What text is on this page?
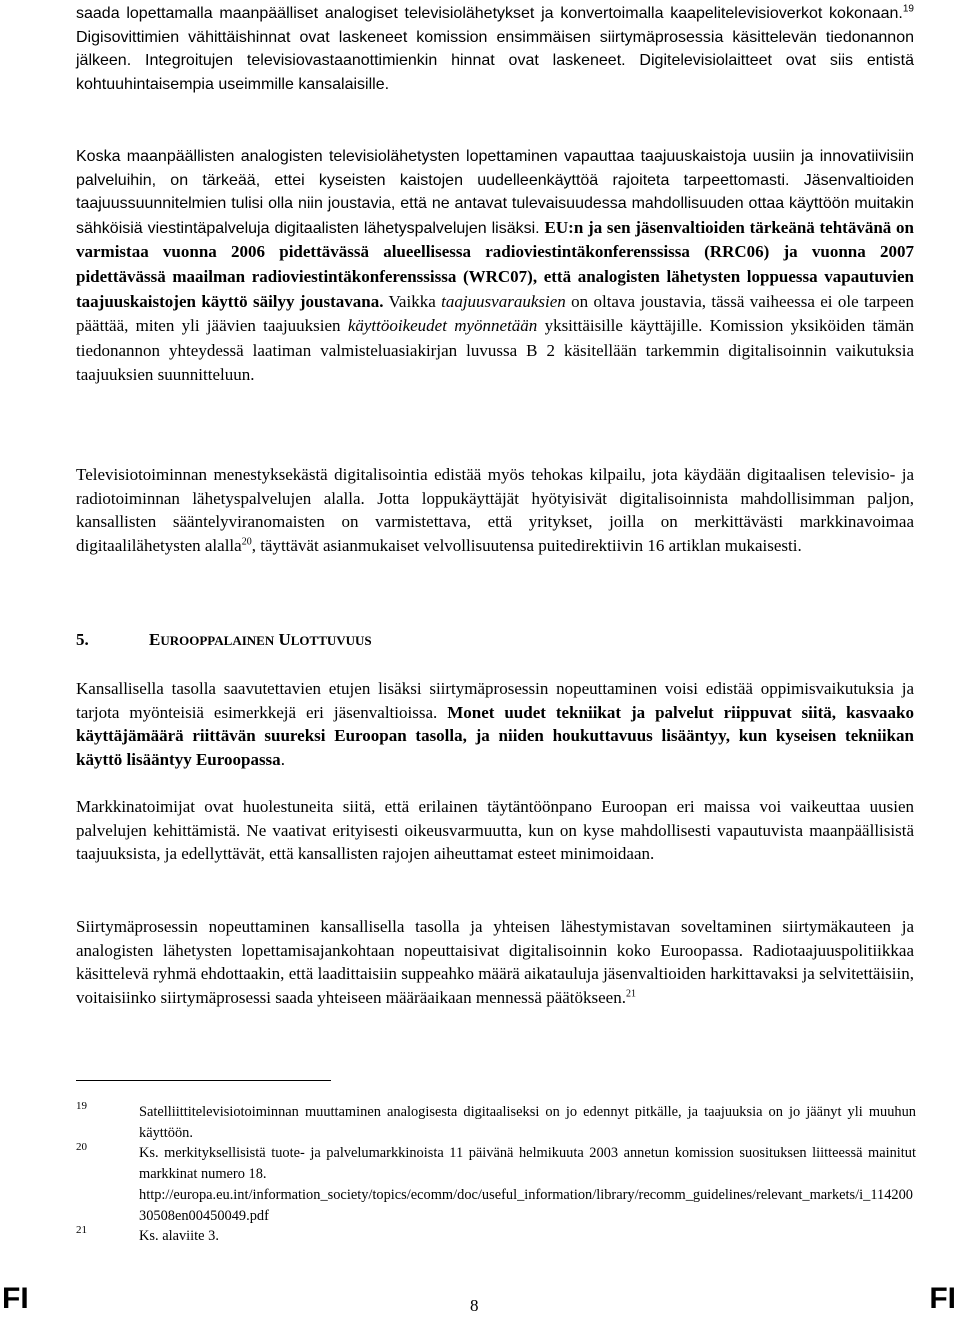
saada lopettamalla maanpäälliset analogiset televisiolähetykset ja konvertoimalla kaapelitelevisioverkot kokonaan.$^{19}$ Digisovittimien vähittäishinnat ovat laskeneet komission ensimmäisen siirtymäprosessia käsittelevän tiedonannon jälkeen. Integroitujen televisiovastaanottimienkin hinnat ovat laskeneet. Digitelevisiolaitteet ovat siis entistä kohtuuhintaisempia useimmille kansalaisille.

Koska maanpäällisten analogisten televisiolähetysten lopettaminen vapauttaa taajuuskaistoja uusiin ja innovatiivisiin palveluihin, on tärkeää, ettei kyseisten kaistojen uudelleenkäyttöä rajoiteta tarpeettomasti. Jäsenvaltioiden taajuussuunnitelmien tulisi olla niin joustavia, että ne antavat tulevaisuudessa mahdollisuuden ottaa käyttöön muitakin sähköisiä viestintäpalveluja digitaalisten lähetyspalvelujen lisäksi. EU:n ja sen jäsenvaltioiden tärkeänä tehtävänä on varmistaa vuonna 2006 pidettävässä alueellisessa radioviestintäkonferenssissa (RRC06) ja vuonna 2007 pidettävässä maailman radioviestintäkonferenssissa (WRC07), että analogisten lähetysten loppuessa vapautuvien taajuuskaistojen käyttö säilyy joustavana. Vaikka taajuusvarauksien on oltava joustavia, tässä vaiheessa ei ole tarpeen päättää, miten yli jäävien taajuuksien käyttöoikeudet myönnetään yksittäisille käyttäjille. Komission yksiköiden tämän tiedonannon yhteydessä laatiman valmisteluasiakirjan luvussa B 2 käsitellään tarkemmin digitalisoinnin vaikutuksia taajuuksien suunnitteluun.

Televisiotoiminnan menestyksekästä digitalisointia edistää myös tehokas kilpailu, jota käydään digitaalisen televisio- ja radiotoiminnan lähetyspalvelujen alalla. Jotta loppukäyttäjät hyötyisivät digitalisoinnista mahdollisimman paljon, kansallisten sääntelyviranomaisten on varmistettava, että yritykset, joilla on merkittävästi markkinavoimaa digitaalilähetysten alalla$^{20}$, täyttävät asianmukaiset velvollisuutensa puitedirektiivin 16 artiklan mukaisesti.

5.	EUROOPPALAINEN ULOTTUVUUS

Kansallisella tasolla saavutettavien etujen lisäksi siirtymäprosessin nopeuttaminen voisi edistää oppimisvaikutuksia ja tarjota myönteisiä esimerkkejä eri jäsenvaltioissa. Monet uudet tekniikat ja palvelut riippuvat siitä, kasvaako käyttäjämäärä riittävän suureksi Euroopan tasolla, ja niiden houkuttavuus lisääntyy, kun kyseisen tekniikan käyttö lisääntyy Euroopassa.

Markkinatoimijat ovat huolestuneita siitä, että erilainen täytäntöönpano Euroopan eri maissa voi vaikeuttaa uusien palvelujen kehittämistä. Ne vaativat erityisesti oikeusvarmuutta, kun on kyse mahdollisesti vapautuvista maanpäällisistä taajuuksista, ja edellyttävät, että kansallisten rajojen aiheuttamat esteet minimoidaan.

Siirtymäprosessin nopeuttaminen kansallisella tasolla ja yhteisen lähestymistavan soveltaminen siirtymäkauteen ja analogisten lähetysten lopettamisajankohtaan nopeuttaisivat digitalisoinnin koko Euroopassa. Radiotaajuuspolitiikkaa käsittelevä ryhmä ehdottaakin, että laadittaisiin suppeahko määrä aikatauluja jäsenvaltioiden harkittavaksi ja selvitettäisiin, voitaisiinko siirtymäprosessi saada yhteiseen määräaikaan mennessä päätökseen.$^{21}$

19	Satelliittitelevisiotoiminnan muuttaminen analogisesta digitaaliseksi on jo edennyt pitkälle, ja taajuuksia on jo jäänyt yli muuhun käyttöön.
20	Ks. merkityksellisistä tuote- ja palvelumarkkinoista 11 päivänä helmikuuta 2003 annetun komission suosituksen liitteessä mainitut markkinat numero 18.
http://europa.eu.int/information_society/topics/ecomm/doc/useful_information/library/recomm_guidelines/relevant_markets/i_11420030508en00450049.pdf
21	Ks. alaviite 3.
FI	8	FI
